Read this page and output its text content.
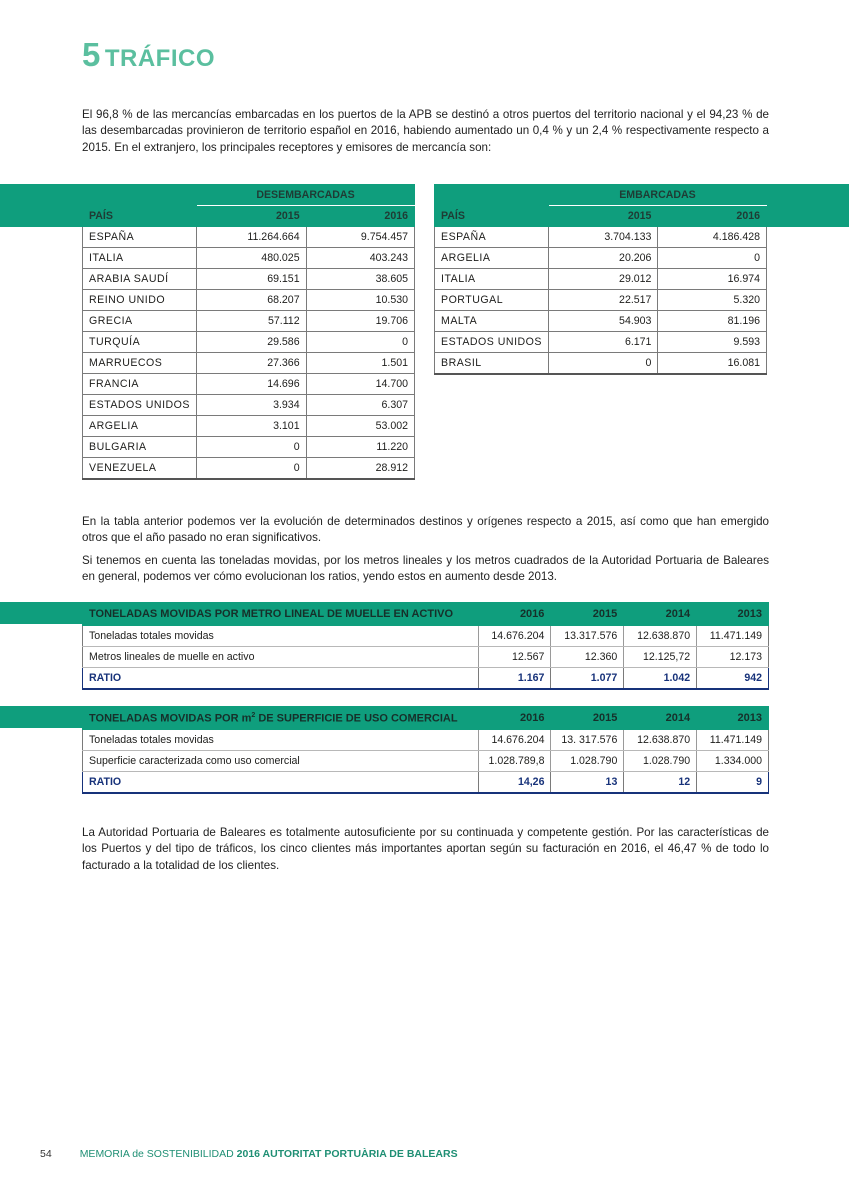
5 TRÁFICO

El 96,8 % de las mercancías embarcadas en los puertos de la APB se destinó a otros puertos del territorio nacional y el 94,23 % de las desembarcadas provinieron de territorio español en 2016, habiendo aumentado un 0,4 % y un 2,4 % respectivamente respecto a 2015. En el extranjero, los principales receptores y emisores de mercancía son:

	DESEMBARCADAS	
PAÍS	2015	2016
ESPAÑA	11.264.664	9.754.457
ITALIA	480.025	403.243
ARABIA SAUDÍ	69.151	38.605
REINO UNIDO	68.207	10.530
GRECIA	57.112	19.706
TURQUÍA	29.586	0
MARRUECOS	27.366	1.501
FRANCIA	14.696	14.700
ESTADOS UNIDOS	3.934	6.307
ARGELIA	3.101	53.002
BULGARIA	0	11.220
VENEZUELA	0	28.912
	EMBARCADAS	
PAÍS	2015	2016
ESPAÑA	3.704.133	4.186.428
ARGELIA	20.206	0
ITALIA	29.012	16.974
PORTUGAL	22.517	5.320
MALTA	54.903	81.196
ESTADOS UNIDOS	6.171	9.593
BRASIL	0	16.081

En la tabla anterior podemos ver la evolución de determinados destinos y orígenes respecto a 2015, así como que han emergido otros que el año pasado no eran significativos.

Si tenemos en cuenta las toneladas movidas, por los metros lineales y los metros cuadrados de la Autoridad Portuaria de Baleares en general, podemos ver cómo evolucionan los ratios, yendo estos en aumento desde 2013.

TONELADAS MOVIDAS POR METRO LINEAL DE MUELLE EN ACTIVO	2016	2015	2014	2013
Toneladas totales movidas	14.676.204	13.317.576	12.638.870	11.471.149
Metros lineales de muelle en activo	12.567	12.360	12.125,72	12.173
RATIO	1.167	1.077	1.042	942
TONELADAS MOVIDAS POR $m^2$ DE SUPERFICIE DE USO COMERCIAL	2016	2015	2014	2013
Toneladas totales movidas	14.676.204	13. 317.576	12.638.870	11.471.149
Superficie caracterizada como uso comercial	1.028.789,8	1.028.790	1.028.790	1.334.000
RATIO	14,26	13	12	9

La Autoridad Portuaria de Baleares es totalmente autosuficiente por su continuada y competente gestión. Por las características de los Puertos y del tipo de tráficos, los cinco clientes más importantes aportan según su facturación en 2016, el 46,47 % de todo lo facturado a la totalidad de los clientes.

54	MEMORIA de SOSTENIBILIDAD 2016 AUTORITAT PORTUÀRIA DE BALEARS
